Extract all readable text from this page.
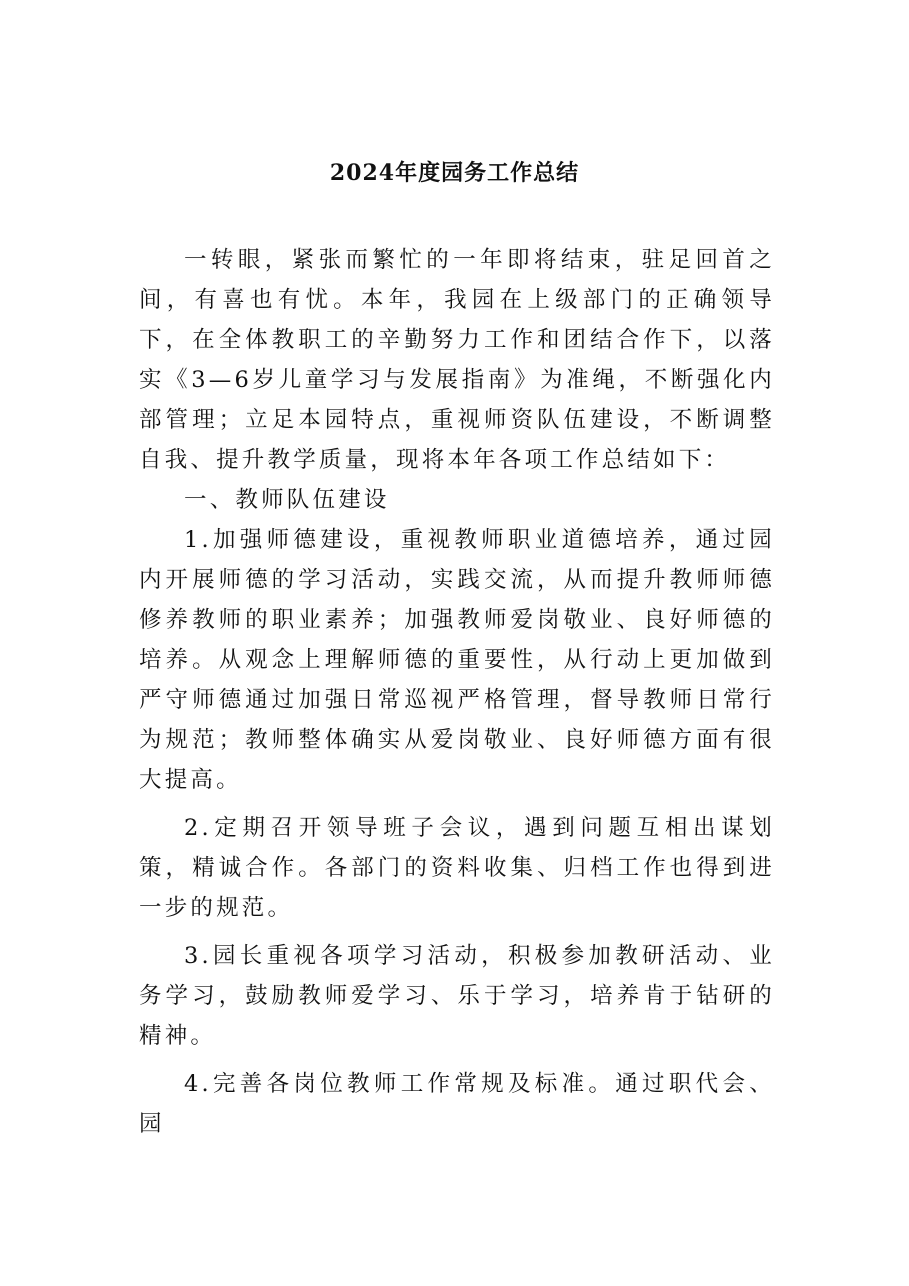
2024年度园务工作总结

一转眼，紧张而繁忙的一年即将结束，驻足回首之间，有喜也有忧。本年，我园在上级部门的正确领导下，在全体教职工的辛勤努力工作和团结合作下，以落实《3—6岁儿童学习与发展指南》为准绳，不断强化内部管理；立足本园特点，重视师资队伍建设，不断调整自我、提升教学质量，现将本年各项工作总结如下：

一、教师队伍建设

1.加强师德建设，重视教师职业道德培养，通过园内开展师德的学习活动，实践交流，从而提升教师师德修养教师的职业素养；加强教师爱岗敬业、良好师德的培养。从观念上理解师德的重要性，从行动上更加做到严守师德通过加强日常巡视严格管理，督导教师日常行为规范；教师整体确实从爱岗敬业、良好师德方面有很大提高。

2.定期召开领导班子会议，遇到问题互相出谋划策，精诚合作。各部门的资料收集、归档工作也得到进一步的规范。

3.园长重视各项学习活动，积极参加教研活动、业务学习，鼓励教师爱学习、乐于学习，培养肯于钻研的精神。

4.完善各岗位教师工作常规及标准。通过职代会、园
